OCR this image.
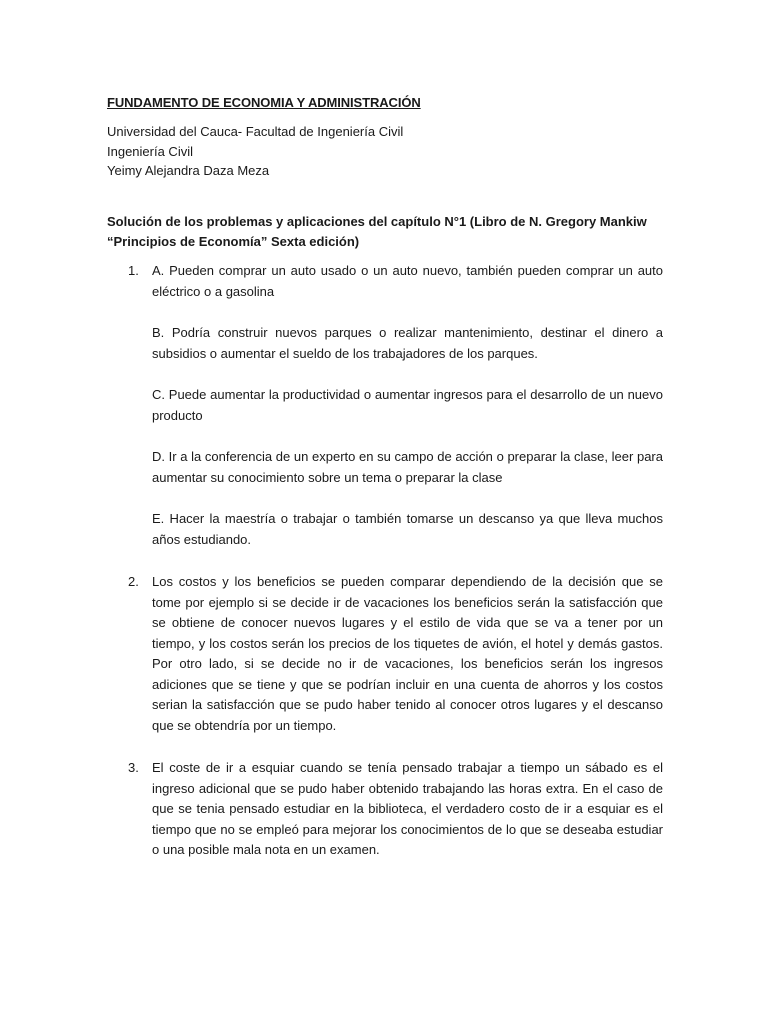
FUNDAMENTO DE ECONOMIA Y ADMINISTRACIÓN
Universidad del Cauca- Facultad de Ingeniería Civil
Ingeniería Civil
Yeimy Alejandra Daza Meza
Solución de los problemas y aplicaciones del capítulo N°1 (Libro de N. Gregory Mankiw
“Principios de Economía” Sexta edición)
1. A. Pueden comprar un auto usado o un auto nuevo, también pueden comprar un auto eléctrico o a gasolina

B. Podría construir nuevos parques o realizar mantenimiento, destinar el dinero a subsidios o aumentar el sueldo de los trabajadores de los parques.

C. Puede aumentar la productividad o aumentar ingresos para el desarrollo de un nuevo producto

D. Ir a la conferencia de un experto en su campo de acción o preparar la clase, leer para aumentar su conocimiento sobre un tema o preparar la clase

E. Hacer la maestría o trabajar o también tomarse un descanso ya que lleva muchos años estudiando.

2. Los costos y los beneficios se pueden comparar dependiendo de la decisión que se tome por ejemplo si se decide ir de vacaciones los beneficios serán la satisfacción que se obtiene de conocer nuevos lugares y el estilo de vida que se va a tener por un tiempo, y los costos serán los precios de los tiquetes de avión, el hotel y demás gastos. Por otro lado, si se decide no ir de vacaciones, los beneficios serán los ingresos adiciones que se tiene y que se podrían incluir en una cuenta de ahorros y los costos serian la satisfacción que se pudo haber tenido al conocer otros lugares y el descanso que se obtendría por un tiempo.

3. El coste de ir a esquiar cuando se tenía pensado trabajar a tiempo un sábado es el ingreso adicional que se pudo haber obtenido trabajando las horas extra. En el caso de que se tenia pensado estudiar en la biblioteca, el verdadero costo de ir a esquiar es el tiempo que no se empleó para mejorar los conocimientos de lo que se deseaba estudiar o una posible mala nota en un examen.
